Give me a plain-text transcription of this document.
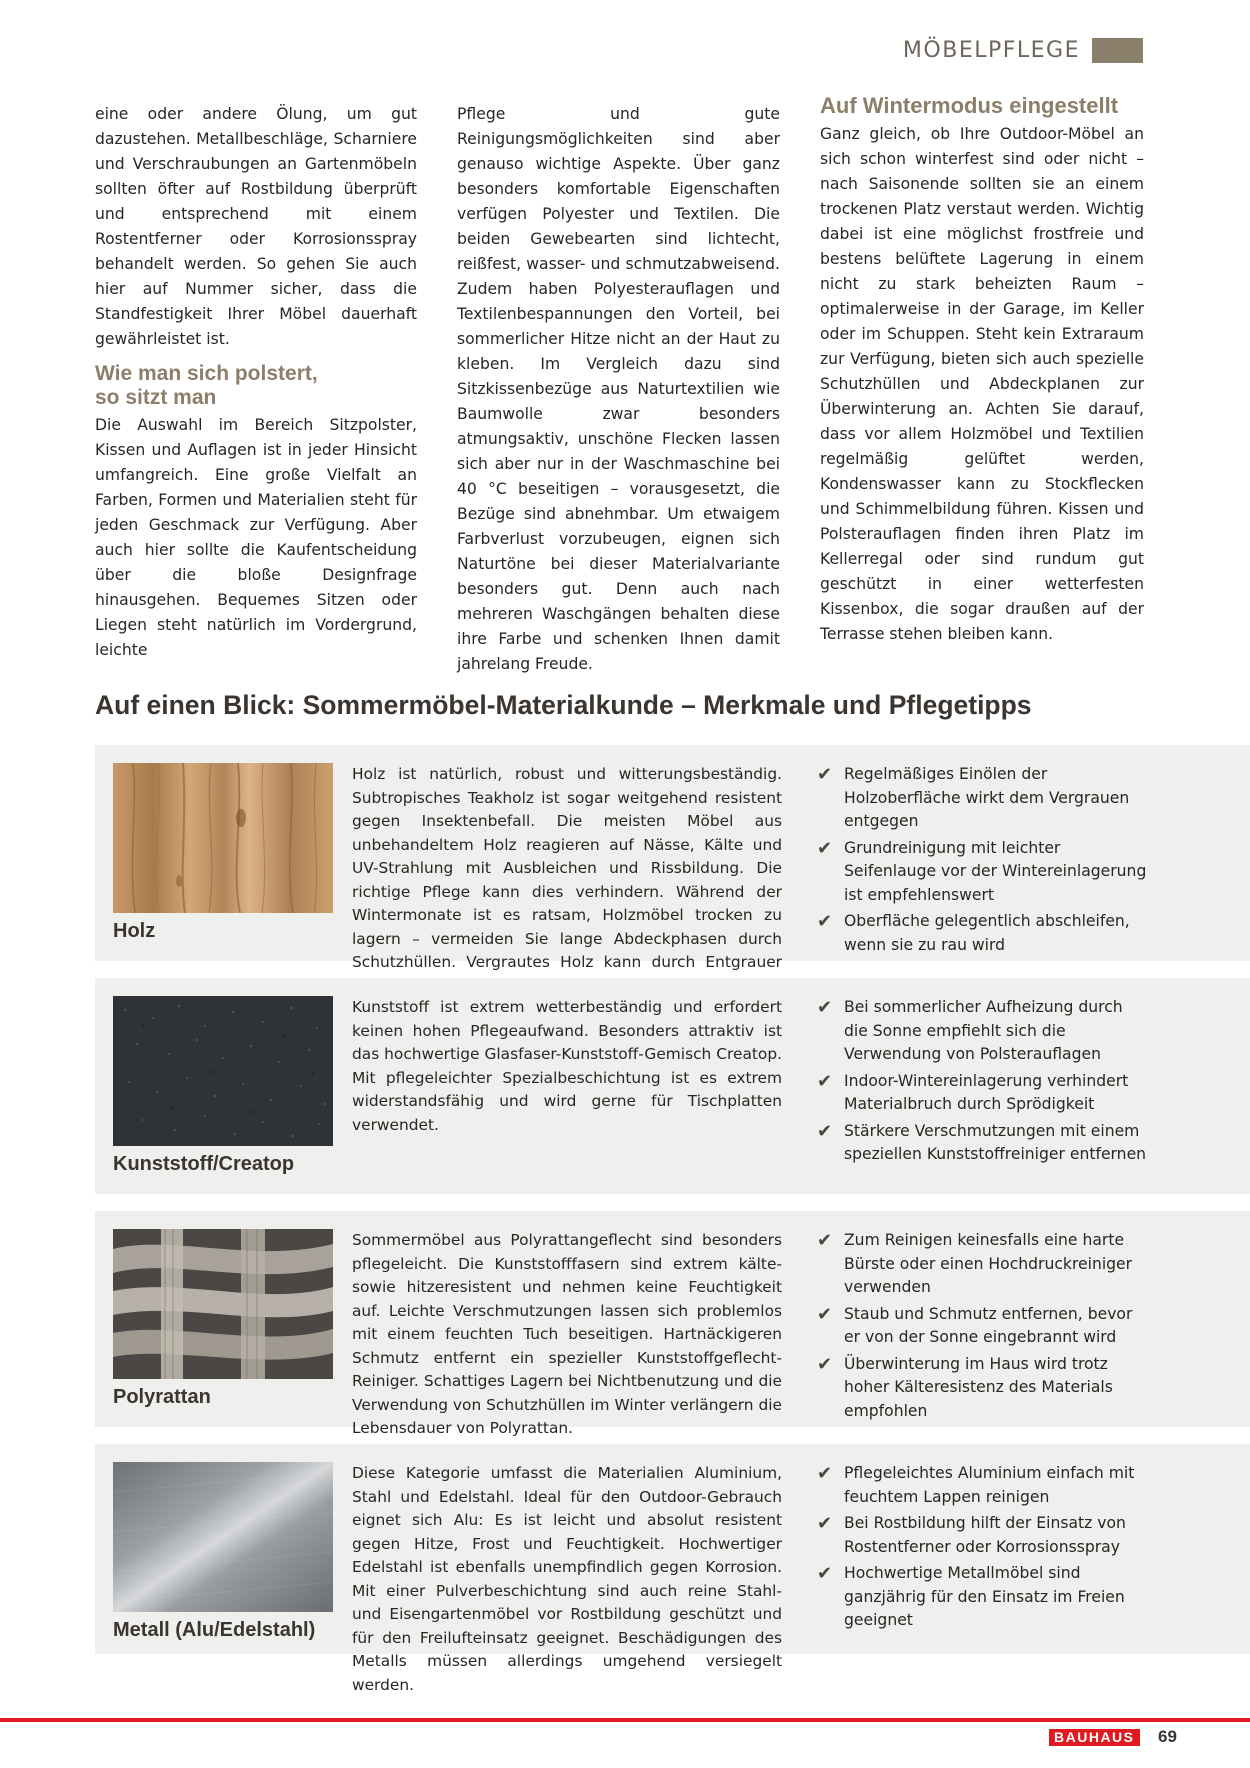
MÖBELPFLEGE

eine oder andere Ölung, um gut dazustehen. Metallbeschläge, Scharniere und Verschraubungen an Gartenmöbeln sollten öfter auf Rostbildung überprüft und entsprechend mit einem Rostentferner oder Korrosionsspray behandelt werden. So gehen Sie auch hier auf Nummer sicher, dass die Standfestigkeit Ihrer Möbel dauerhaft gewährleistet ist.

Wie man sich polstert,
so sitzt man

Die Auswahl im Bereich Sitzpolster, Kissen und Auflagen ist in jeder Hinsicht umfangreich. Eine große Vielfalt an Farben, Formen und Materialien steht für jeden Geschmack zur Verfügung. Aber auch hier sollte die Kaufentscheidung über die bloße Designfrage hinausgehen. Bequemes Sitzen oder Liegen steht natürlich im Vordergrund, leichte

Pflege und gute Reinigungsmöglichkeiten sind aber genauso wichtige Aspekte. Über ganz besonders komfortable Eigenschaften verfügen Polyester und Textilen. Die beiden Gewebearten sind lichtecht, reißfest, wasser- und schmutzabweisend. Zudem haben Polyesterauflagen und Textilenbespannungen den Vorteil, bei sommerlicher Hitze nicht an der Haut zu kleben. Im Vergleich dazu sind Sitzkissenbezüge aus Naturtextilien wie Baumwolle zwar besonders atmungsaktiv, unschöne Flecken lassen sich aber nur in der Waschmaschine bei 40 °C beseitigen – vorausgesetzt, die Bezüge sind abnehmbar. Um etwaigem Farbverlust vorzubeugen, eignen sich Naturtöne bei dieser Materialvariante besonders gut. Denn auch nach mehreren Waschgängen behalten diese ihre Farbe und schenken Ihnen damit jahrelang Freude.

Auf Wintermodus eingestellt

Ganz gleich, ob Ihre Outdoor-Möbel an sich schon winterfest sind oder nicht – nach Saisonende sollten sie an einem trockenen Platz verstaut werden. Wichtig dabei ist eine möglichst frostfreie und bestens belüftete Lagerung in einem nicht zu stark beheizten Raum – optimalerweise in der Garage, im Keller oder im Schuppen. Steht kein Extraraum zur Verfügung, bieten sich auch spezielle Schutzhüllen und Abdeckplanen zur Überwinterung an. Achten Sie darauf, dass vor allem Holzmöbel und Textilien regelmäßig gelüftet werden, Kondenswasser kann zu Stockflecken und Schimmelbildung führen. Kissen und Polsterauflagen finden ihren Platz im Kellerregal oder sind rundum gut geschützt in einer wetterfesten Kissenbox, die sogar draußen auf der Terrasse stehen bleiben kann.

Auf einen Blick: Sommermöbel-Materialkunde – Merkmale und Pflegetipps
Holz
Holz ist natürlich, robust und witterungsbeständig. Subtropisches Teakholz ist sogar weitgehend resistent gegen Insektenbefall. Die meisten Möbel aus unbehandeltem Holz reagieren auf Nässe, Kälte und UV-Strahlung mit Ausbleichen und Rissbildung. Die richtige Pflege kann dies verhindern. Während der Wintermonate ist es ratsam, Holzmöbel trocken zu lagern – vermeiden Sie lange Abdeckphasen durch Schutzhüllen. Vergrautes Holz kann durch Entgrauer
✔ Regelmäßiges Einölen der Holzoberfläche wirkt dem Vergrauen entgegen
✔ Grundreinigung mit leichter Seifenlauge vor der Wintereinlagerung ist empfehlenswert
✔ Oberfläche gelegentlich abschleifen, wenn sie zu rau wird
Kunststoff/Creatop
Kunststoff ist extrem wetterbeständig und erfordert keinen hohen Pflegeaufwand. Besonders attraktiv ist das hochwertige Glasfaser-Kunststoff-Gemisch Creatop. Mit pflegeleichter Spezialbeschichtung ist es extrem widerstandsfähig und wird gerne für Tischplatten verwendet.
✔ Bei sommerlicher Aufheizung durch die Sonne empfiehlt sich die Verwendung von Polsterauflagen
✔ Indoor-Wintereinlagerung verhindert Materialbruch durch Sprödigkeit
✔ Stärkere Verschmutzungen mit einem speziellen Kunststoffreiniger entfernen
Polyrattan
Sommermöbel aus Polyrattangeflecht sind besonders pflegeleicht. Die Kunststofffasern sind extrem kälte- sowie hitzeresistent und nehmen keine Feuchtigkeit auf. Leichte Verschmutzungen lassen sich problemlos mit einem feuchten Tuch beseitigen. Hartnäckigeren Schmutz entfernt ein spezieller Kunststoffgeflecht-Reiniger. Schattiges Lagern bei Nichtbenutzung und die Verwendung von Schutzhüllen im Winter verlängern die Lebensdauer von Polyrattan.
✔ Zum Reinigen keinesfalls eine harte Bürste oder einen Hochdruckreiniger verwenden
✔ Staub und Schmutz entfernen, bevor er von der Sonne eingebrannt wird
✔ Überwinterung im Haus wird trotz hoher Kälteresistenz des Materials empfohlen
Metall (Alu/Edelstahl)
Diese Kategorie umfasst die Materialien Aluminium, Stahl und Edelstahl. Ideal für den Outdoor-Gebrauch eignet sich Alu: Es ist leicht und absolut resistent gegen Hitze, Frost und Feuchtigkeit. Hochwertiger Edelstahl ist ebenfalls unempfindlich gegen Korrosion. Mit einer Pulverbeschichtung sind auch reine Stahl- und Eisengartenmöbel vor Rostbildung geschützt und für den Freilufteinsatz geeignet. Beschädigungen des Metalls müssen allerdings umgehend versiegelt werden.
✔ Pflegeleichtes Aluminium einfach mit feuchtem Lappen reinigen
✔ Bei Rostbildung hilft der Einsatz von Rostentferner oder Korrosionsspray
✔ Hochwertige Metallmöbel sind ganzjährig für den Einsatz im Freien geeignet
BAUHAUS 69
